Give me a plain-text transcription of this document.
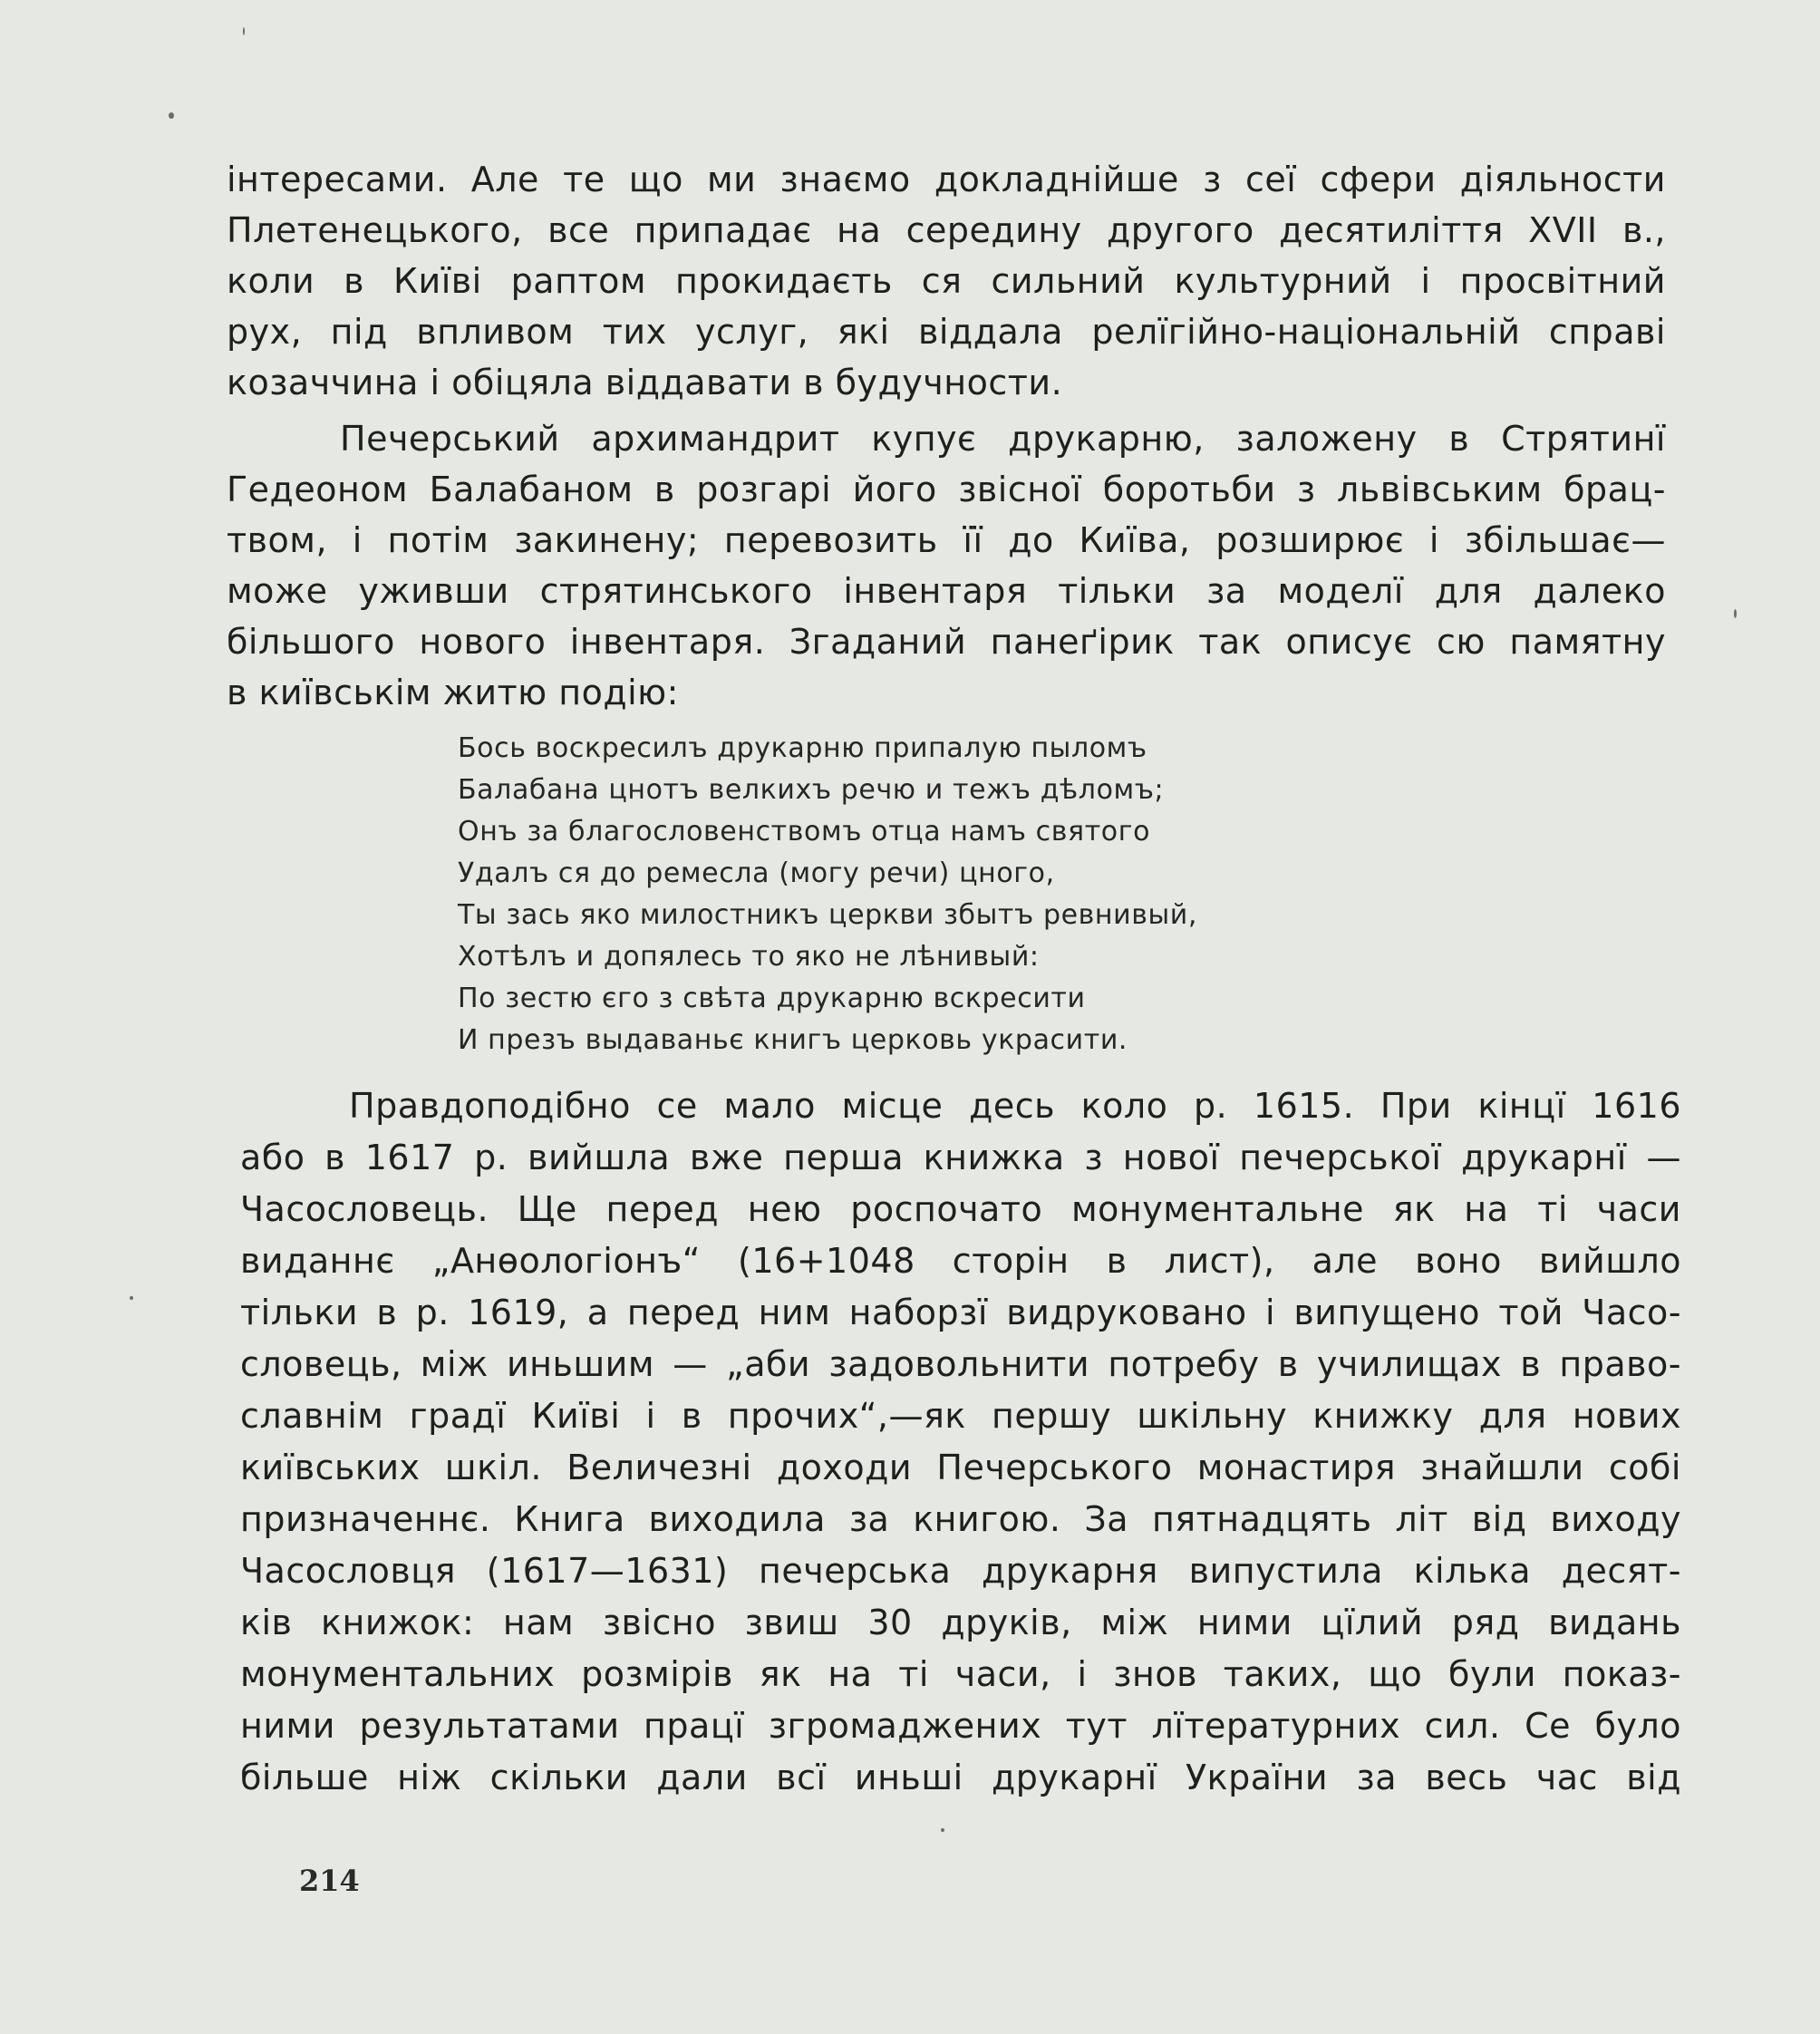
інтересами. Але те що ми знаємо докладнійше з сеї сфери діяльности
Плетенецького, все припадає на середину другого десятиліття XVII в.,
коли в Київі раптом прокидаєть ся сильний культурний і просвітний
рух, під впливом тих услуг, які віддала релїгійно-національній справі
козаччина і обіцяла віддавати в будучности.
Печерський архимандрит купує друкарню, заложену в Стрятинї
Гедеоном Балабаном в розгарі його звісної боротьби з львівським брац-
твом, і потім закинену; перевозить її до Київа, розширює і збільшає—
може уживши стрятинського інвентаря тільки за моделї для далеко
більшого нового інвентаря. Згаданий панеґірик так описує сю памятну
в київськім житю подію:
Бось воскресилъ друкарню припалую пыломъ
Балабана цнотъ велкихъ речю и тежъ дѣломъ;
Онъ за благословенствомъ отца намъ святого
Удалъ ся до ремесла (могу речи) цного,
Ты зась яко милостникъ церкви збытъ ревнивый,
Хотѣлъ и допялесь то яко не лѣнивый:
По зестю єго з свѣта друкарню вскресити
И презъ выдаваньє книгъ церковь украсити.
Правдоподібно се мало місце десь коло р. 1615. При кінцї 1616
або в 1617 р. вийшла вже перша книжка з нової печерської друкарнї —
Часословець. Ще перед нею роспочато монументальне як на ті часи
виданнє „Анѳологіонъ“ (16+1048 сторін в лист), але воно вийшло
тільки в р. 1619, а перед ним наборзї видруковано і випущено той Часо-
словець, між иньшим — „аби задовольнити потребу в училищах в право-
славнім градї Київі і в прочих“,—як першу шкільну книжку для нових
київських шкіл. Величезні доходи Печерського монастиря знайшли собі
призначеннє. Книга виходила за книгою. За пятнадцять літ від виходу
Часословця (1617—1631) печерська друкарня випустила кілька десят-
ків книжок: нам звісно звиш 30 друків, між ними цїлий ряд видань
монументальних розмірів як на ті часи, і знов таких, що були показ-
ними результатами працї згромаджених тут лїтературних сил. Се було
більше ніж скільки дали всї иньші друкарнї України за весь час від
214
